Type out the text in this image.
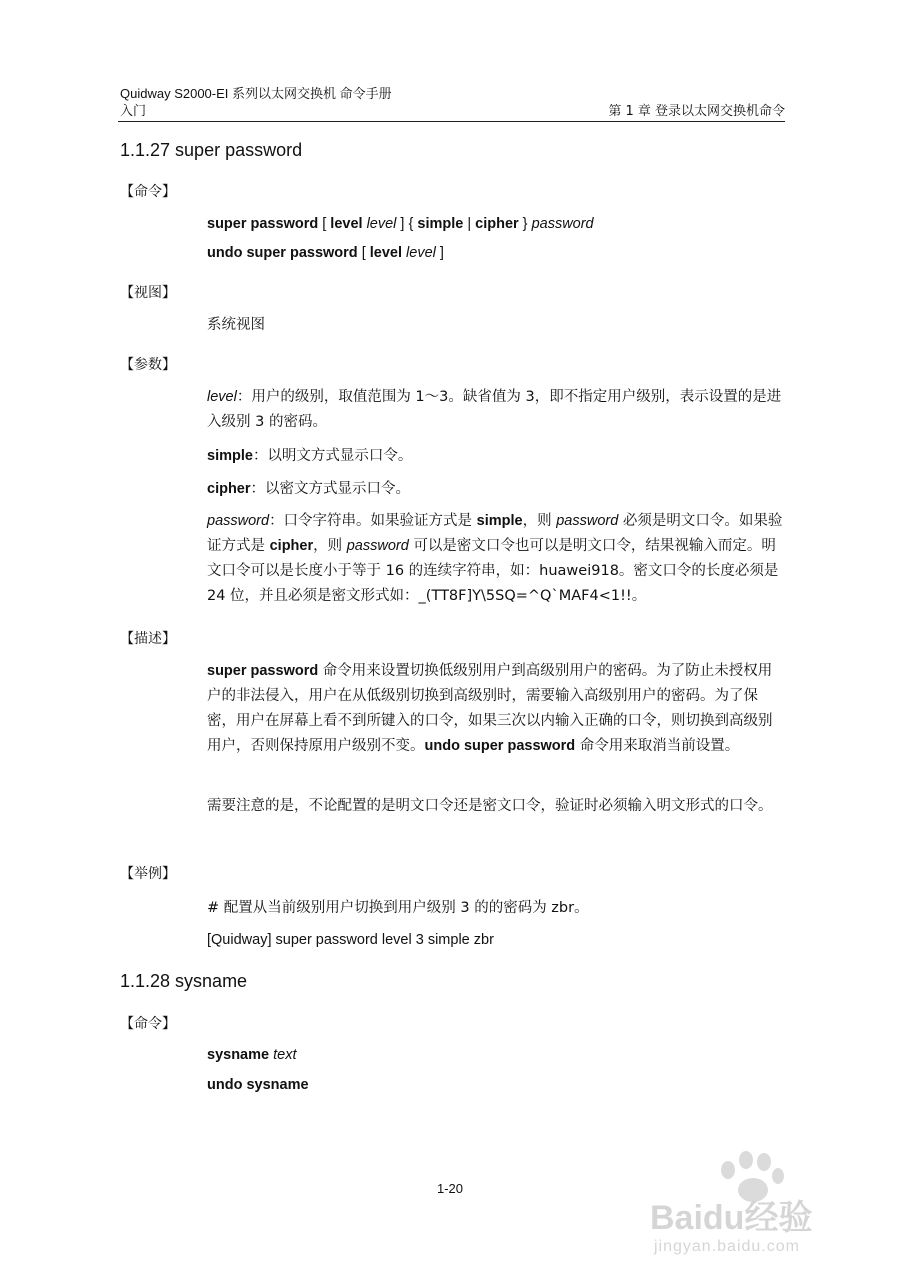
Quidway S2000-EI 系列以太网交换机 命令手册
入门	第 1 章 登录以太网交换机命令
1.1.27 super password
【命令】
super password [ level level ] { simple | cipher } password
undo super password [ level level ]
【视图】
系统视图
【参数】
level：用户的级别，取值范围为 1～3。缺省值为 3，即不指定用户级别，表示设置的是进入级别 3 的密码。
simple：以明文方式显示口令。
cipher：以密文方式显示口令。
password：口令字符串。如果验证方式是 simple，则 password 必须是明文口令。如果验证方式是 cipher，则 password 可以是密文口令也可以是明文口令，结果视输入而定。明文口令可以是长度小于等于 16 的连续字符串，如：huawei918。密文口令的长度必须是 24 位，并且必须是密文形式如：_(TT8F]Y\5SQ=^Q`MAF4<1!!。
【描述】
super password 命令用来设置切换低级别用户到高级别用户的密码。为了防止未授权用户的非法侵入，用户在从低级别切换到高级别时，需要输入高级别用户的密码。为了保密，用户在屏幕上看不到所键入的口令，如果三次以内输入正确的口令，则切换到高级别用户，否则保持原用户级别不变。undo super password 命令用来取消当前设置。
需要注意的是，不论配置的是明文口令还是密文口令，验证时必须输入明文形式的口令。
【举例】
# 配置从当前级别用户切换到用户级别 3 的的密码为 zbr。
[Quidway] super password level 3 simple zbr
1.1.28 sysname
【命令】
sysname text
undo sysname
1-20
Baidu经验
jingyan.baidu.com
